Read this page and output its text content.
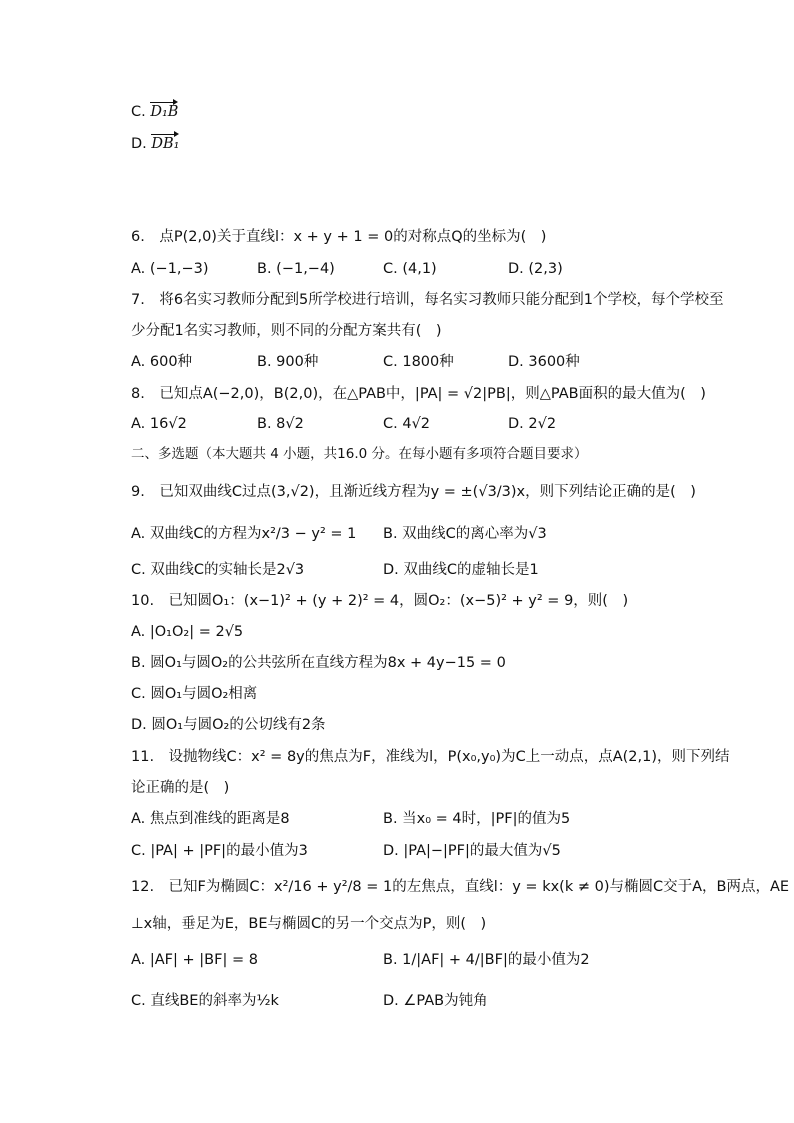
C. D₁B
D. DB₁
6. 点P(2,0)关于直线l：x + y + 1 = 0的对称点Q的坐标为( )
A. (−1,−3)	B. (−1,−4)	C. (4,1)	D. (2,3)
7. 将6名实习教师分配到5所学校进行培训，每名实习教师只能分配到1个学校，每个学校至
少分配1名实习教师，则不同的分配方案共有( )
A. 600种	B. 900种	C. 1800种	D. 3600种
8. 已知点A(−2,0)，B(2,0)，在△PAB中，|PA| = √2|PB|，则△PAB面积的最大值为( )
A. 16√2	B. 8√2	C. 4√2	D. 2√2
二、多选题（本大题共 4 小题，共16.0 分。在每小题有多项符合题目要求）
9. 已知双曲线C过点(3,√2)，且渐近线方程为y = ±(√3/3)x，则下列结论正确的是( )
A. 双曲线C的方程为x²/3 − y² = 1 B. 双曲线C的离心率为√3
C. 双曲线C的实轴长是2√3	D. 双曲线C的虚轴长是1
10. 已知圆O₁：(x−1)² + (y + 2)² = 4，圆O₂：(x−5)² + y² = 9，则( )
A. |O₁O₂| = 2√5
B. 圆O₁与圆O₂的公共弦所在直线方程为8x + 4y−15 = 0
C. 圆O₁与圆O₂相离
D. 圆O₁与圆O₂的公切线有2条
11. 设抛物线C：x² = 8y的焦点为F，准线为l，P(x₀,y₀)为C上一动点，点A(2,1)，则下列结
论正确的是( )
A. 焦点到准线的距离是8	B. 当x₀ = 4时，|PF|的值为5
C. |PA| + |PF|的最小值为3	D. |PA|−|PF|的最大值为√5
12. 已知F为椭圆C：x²/16 + y²/8 = 1的左焦点，直线l：y = kx(k ≠ 0)与椭圆C交于A，B两点，AE
⊥x轴，垂足为E，BE与椭圆C的另一个交点为P，则( )
A. |AF| + |BF| = 8	B. 1/|AF| + 4/|BF|的最小值为2
C. 直线BE的斜率为½k	D. ∠PAB为钝角
